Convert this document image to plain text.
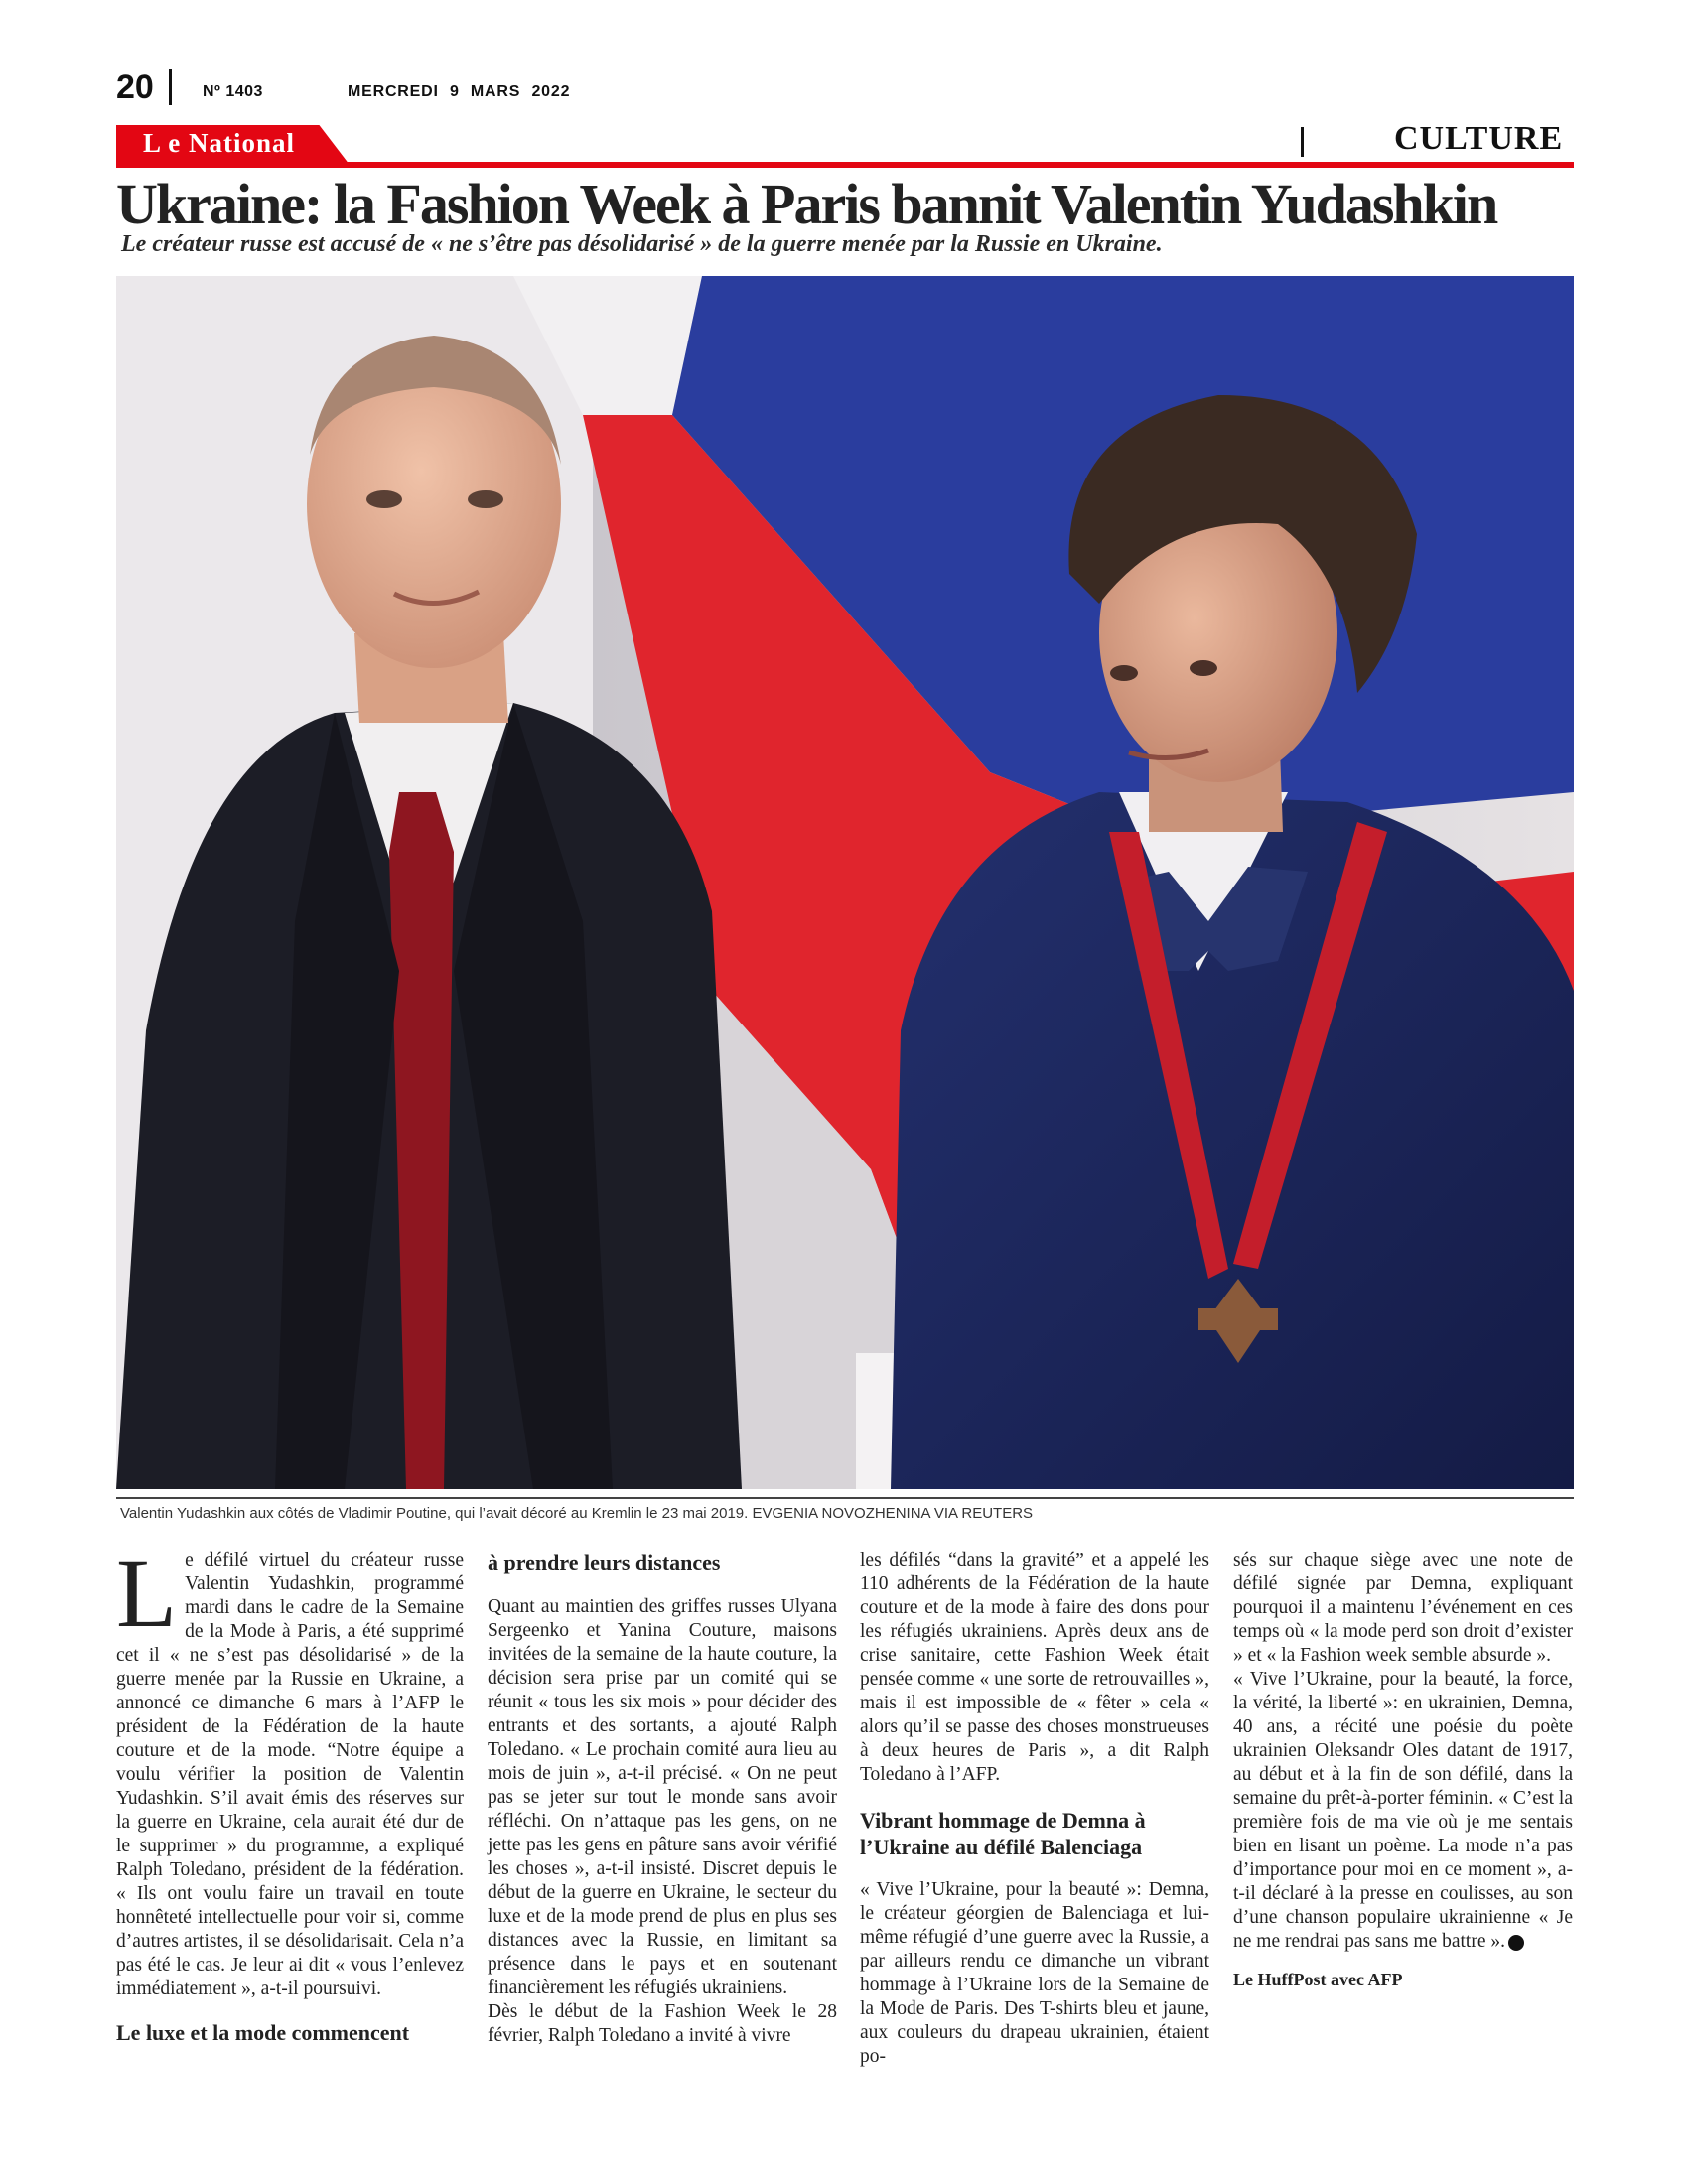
20	Nº 1403	MERCREDI 9 MARS 2022
L e National	CULTURE
Ukraine: la Fashion Week à Paris bannit Valentin Yudashkin
Le créateur russe est accusé de « ne s’être pas désolidarisé » de la guerre menée par la Russie en Ukraine.
Valentin Yudashkin aux côtés de Vladimir Poutine, qui l’avait décoré au Kremlin le 23 mai 2019. EVGENIA NOVOZHENINA VIA REUTERS
L e défilé virtuel du créateur russe Valentin Yudashkin, programmé mardi dans le cadre de la Semaine de la Mode à Paris, a été supprimé cet il « ne s’est pas désolidarisé » de la guerre menée par la Russie en Ukraine, a annoncé ce dimanche 6 mars à l’AFP le président de la Fédération de la haute couture et de la mode. “Notre équipe a voulu vérifier la position de Valentin Yudashkin. S’il avait émis des réserves sur la guerre en Ukraine, cela aurait été dur de le supprimer » du programme, a expliqué Ralph Toledano, président de la fédération. « Ils ont voulu faire un travail en toute honnêteté intellectuelle pour voir si, comme d’autres artistes, il se désolidarisait. Cela n’a pas été le cas. Je leur ai dit « vous l’enlevez immédiatement », a-t-il poursuivi.

Le luxe et la mode commencent

à prendre leurs distances

Quant au maintien des griffes russes Ulyana Sergeenko et Yanina Couture, maisons invitées de la semaine de la haute couture, la décision sera prise par un comité qui se réunit « tous les six mois » pour décider des entrants et des sortants, a ajouté Ralph Toledano. « Le prochain comité aura lieu au mois de juin », a-t-il précisé. « On ne peut pas se jeter sur tout le monde sans avoir réfléchi. On n’attaque pas les gens, on ne jette pas les gens en pâture sans avoir vérifié les choses », a-t-il insisté. Discret depuis le début de la guerre en Ukraine, le secteur du luxe et de la mode prend de plus en plus ses distances avec la Russie, en limitant sa présence dans le pays et en soutenant financièrement les réfugiés ukrainiens.

Dès le début de la Fashion Week le 28 février, Ralph Toledano a invité à vivre

les défilés “dans la gravité” et a appelé les 110 adhérents de la Fédération de la haute couture et de la mode à faire des dons pour les réfugiés ukrainiens. Après deux ans de crise sanitaire, cette Fashion Week était pensée comme « une sorte de retrouvailles », mais il est impossible de « fêter » cela « alors qu’il se passe des choses monstrueuses à deux heures de Paris », a dit Ralph Toledano à l’AFP.

Vibrant hommage de Demna à l’Ukraine au défilé Balenciaga

« Vive l’Ukraine, pour la beauté »: Demna, le créateur géorgien de Balenciaga et lui-même réfugié d’une guerre avec la Russie, a par ailleurs rendu ce dimanche un vibrant hommage à l’Ukraine lors de la Semaine de la Mode de Paris. Des T-shirts bleu et jaune, aux couleurs du drapeau ukrainien, étaient po-

sés sur chaque siège avec une note de défilé signée par Demna, expliquant pourquoi il a maintenu l’événement en ces temps où « la mode perd son droit d’exister » et « la Fashion week semble absurde ».

« Vive l’Ukraine, pour la beauté, la force, la vérité, la liberté »: en ukrainien, Demna, 40 ans, a récité une poésie du poète ukrainien Oleksandr Oles datant de 1917, au début et à la fin de son défilé, dans la semaine du prêt-à-porter féminin. « C’est la première fois de ma vie où je me sentais bien en lisant un poème. La mode n’a pas d’importance pour moi en ce moment », a-t-il déclaré à la presse en coulisses, au son d’une chanson populaire ukrainienne « Je ne me rendrai pas sans me battre ».

Le HuffPost avec AFP
